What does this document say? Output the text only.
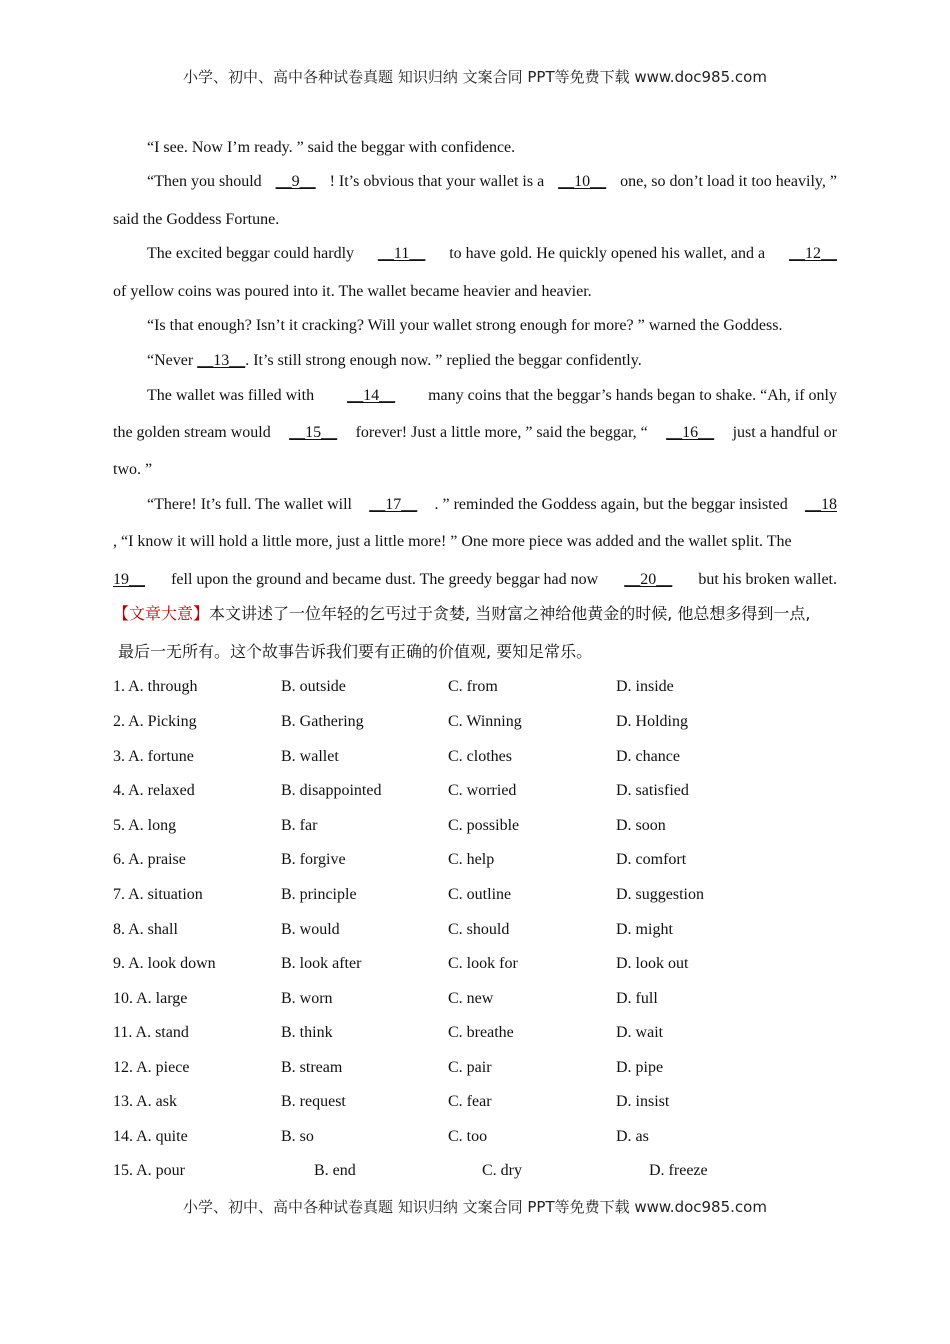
小学、初中、高中各种试卷真题 知识归纳 文案合同 PPT等免费下载 www.doc985.com
“I see. Now I’m ready. ” said the beggar with confidence.
“Then you should __9__ ! It’s obvious that your wallet is a __10__ one, so don’t load it too heavily, ”
said the Goddess Fortune.
The excited beggar could hardly __11__ to have gold. He quickly opened his wallet, and a __12__
of yellow coins was poured into it. The wallet became heavier and heavier.
“Is that enough? Isn’t it cracking? Will your wallet strong enough for more? ” warned the Goddess.
“Never __13__. It’s still strong enough now. ” replied the beggar confidently.
The wallet was filled with __14__ many coins that the beggar’s hands began to shake. “Ah, if only
the golden stream would __15__ forever! Just a little more, ” said the beggar, “ __16__ just a handful or
two. ”
“There! It’s full. The wallet will __17__ . ” reminded the Goddess again, but the beggar insisted __18
, “I know it will hold a little more, just a little more! ” One more piece was added and the wallet split. The
19__ fell upon the ground and became dust. The greedy beggar had now __20__ but his broken wallet.
【文章大意】本文讲述了一位年轻的乞丐过于贪婪, 当财富之神给他黄金的时候, 他总想多得到一点,
最后一无所有。这个故事告诉我们要有正确的价值观, 要知足常乐。
1. A. through	B. outside	C. from	D. inside
2. A. Picking	B. Gathering	C. Winning	D. Holding
3. A. fortune	B. wallet	C. clothes	D. chance
4. A. relaxed	B. disappointed	C. worried	D. satisfied
5. A. long	B. far	C. possible	D. soon
6. A. praise	B. forgive	C. help	D. comfort
7. A. situation	B. principle	C. outline	D. suggestion
8. A. shall	B. would	C. should	D. might
9. A. look down	B. look after	C. look for	D. look out
10. A. large	B. worn	C. new	D. full
11. A. stand	B. think	C. breathe	D. wait
12. A. piece	B. stream	C. pair	D. pipe
13. A. ask	B. request	C. fear	D. insist
14. A. quite	B. so	C. too	D. as
15. A. pour	B. end	C. dry	D. freeze
小学、初中、高中各种试卷真题 知识归纳 文案合同 PPT等免费下载 www.doc985.com
